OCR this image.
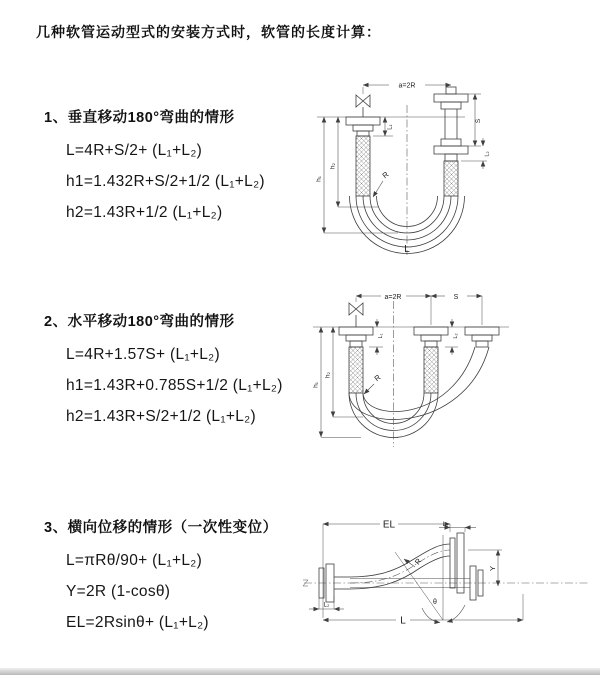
几种软管运动型式的安装方式时，软管的长度计算：
1、垂直移动180°弯曲的情形
L=4R+S/2+ (L₁+L₂)
h1=1.432R+S/2+1/2 (L₁+L₂)
h2=1.43R+1/2 (L₁+L₂)
a=2R
h₁
h₂
L₁
S
L₂
R
L
2、水平移动180°弯曲的情形
L=4R+1.57S+ (L₁+L₂)
h1=1.43R+0.785S+1/2 (L₁+L₂)
h2=1.43R+S/2+1/2 (L₁+L₂)
a=2R	S
h₁
h₂
L₁	L₂
R
3、横向位移的情形（一次性变位）
L=πRθ/90+ (L₁+L₂)
Y=2R (1-cosθ)
EL=2Rsinθ+ (L₁+L₂)
EL	L₁
Y
R
θ
L
L₂
